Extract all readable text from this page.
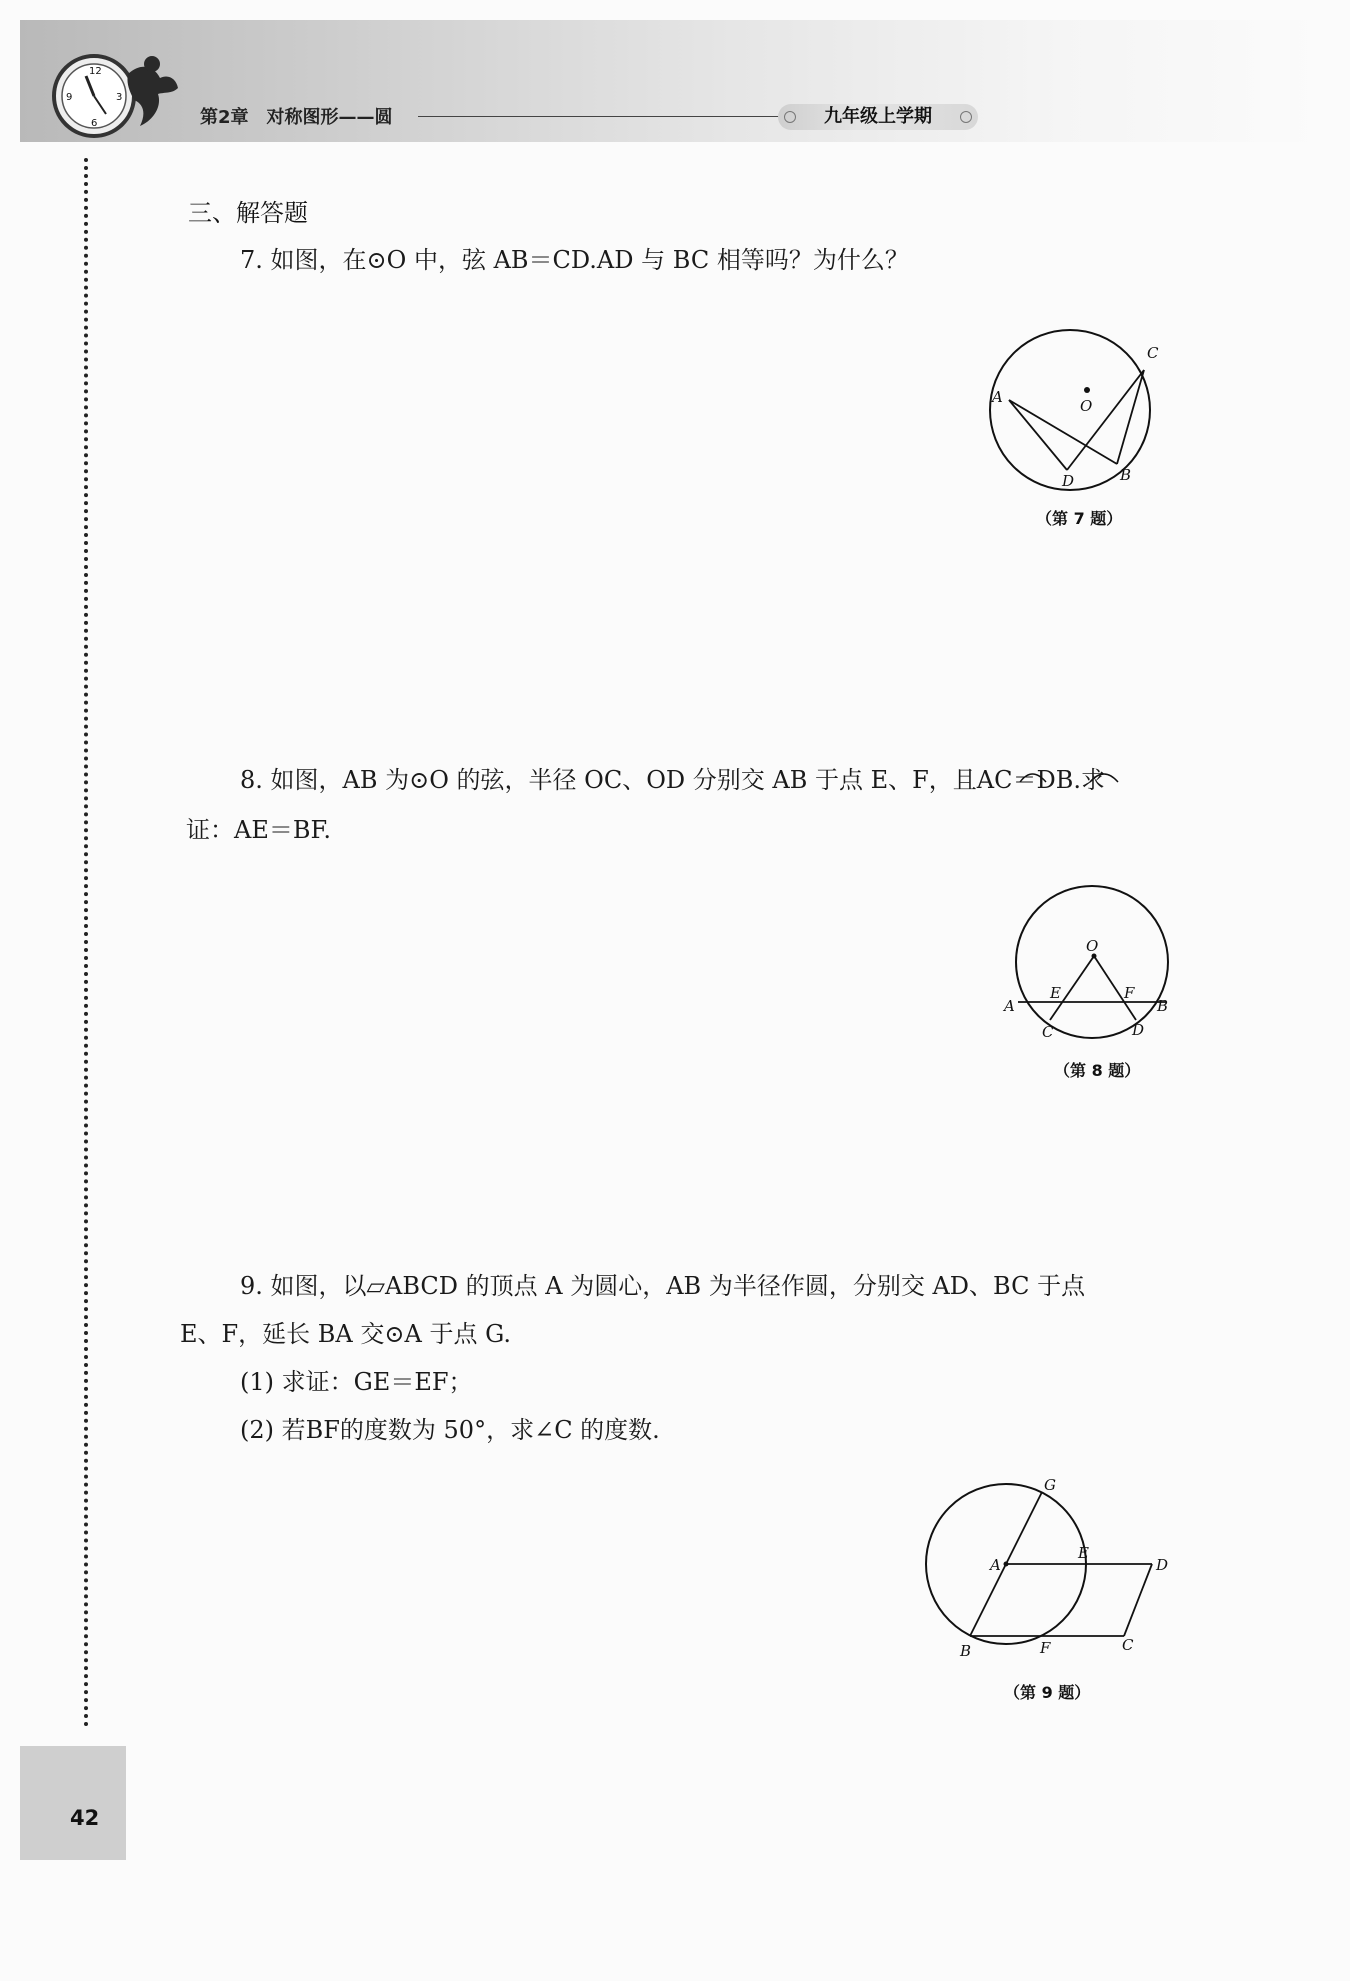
12
3
6
9
第2章　对称图形——圆	九年级上学期
42
三、解答题
7. 如图，在⊙O 中，弦 AB＝CD.AD 与 BC 相等吗？为什么？
A
C
O
D	B
（第 7 题）
8. 如图，AB 为⊙O 的弦，半径 OC、OD 分别交 AB 于点 E、F，且AC＝DB.求
证：AE＝BF.
O
A	B
E	F
C	D
（第 8 题）
9. 如图，以▱ABCD 的顶点 A 为圆心，AB 为半径作圆，分别交 AD、BC 于点
E、F，延长 BA 交⊙A 于点 G.
(1) 求证：GE＝EF；
(2) 若BF的度数为 50°，求∠C 的度数.
G
A
E
D
B	F	C
（第 9 题）
